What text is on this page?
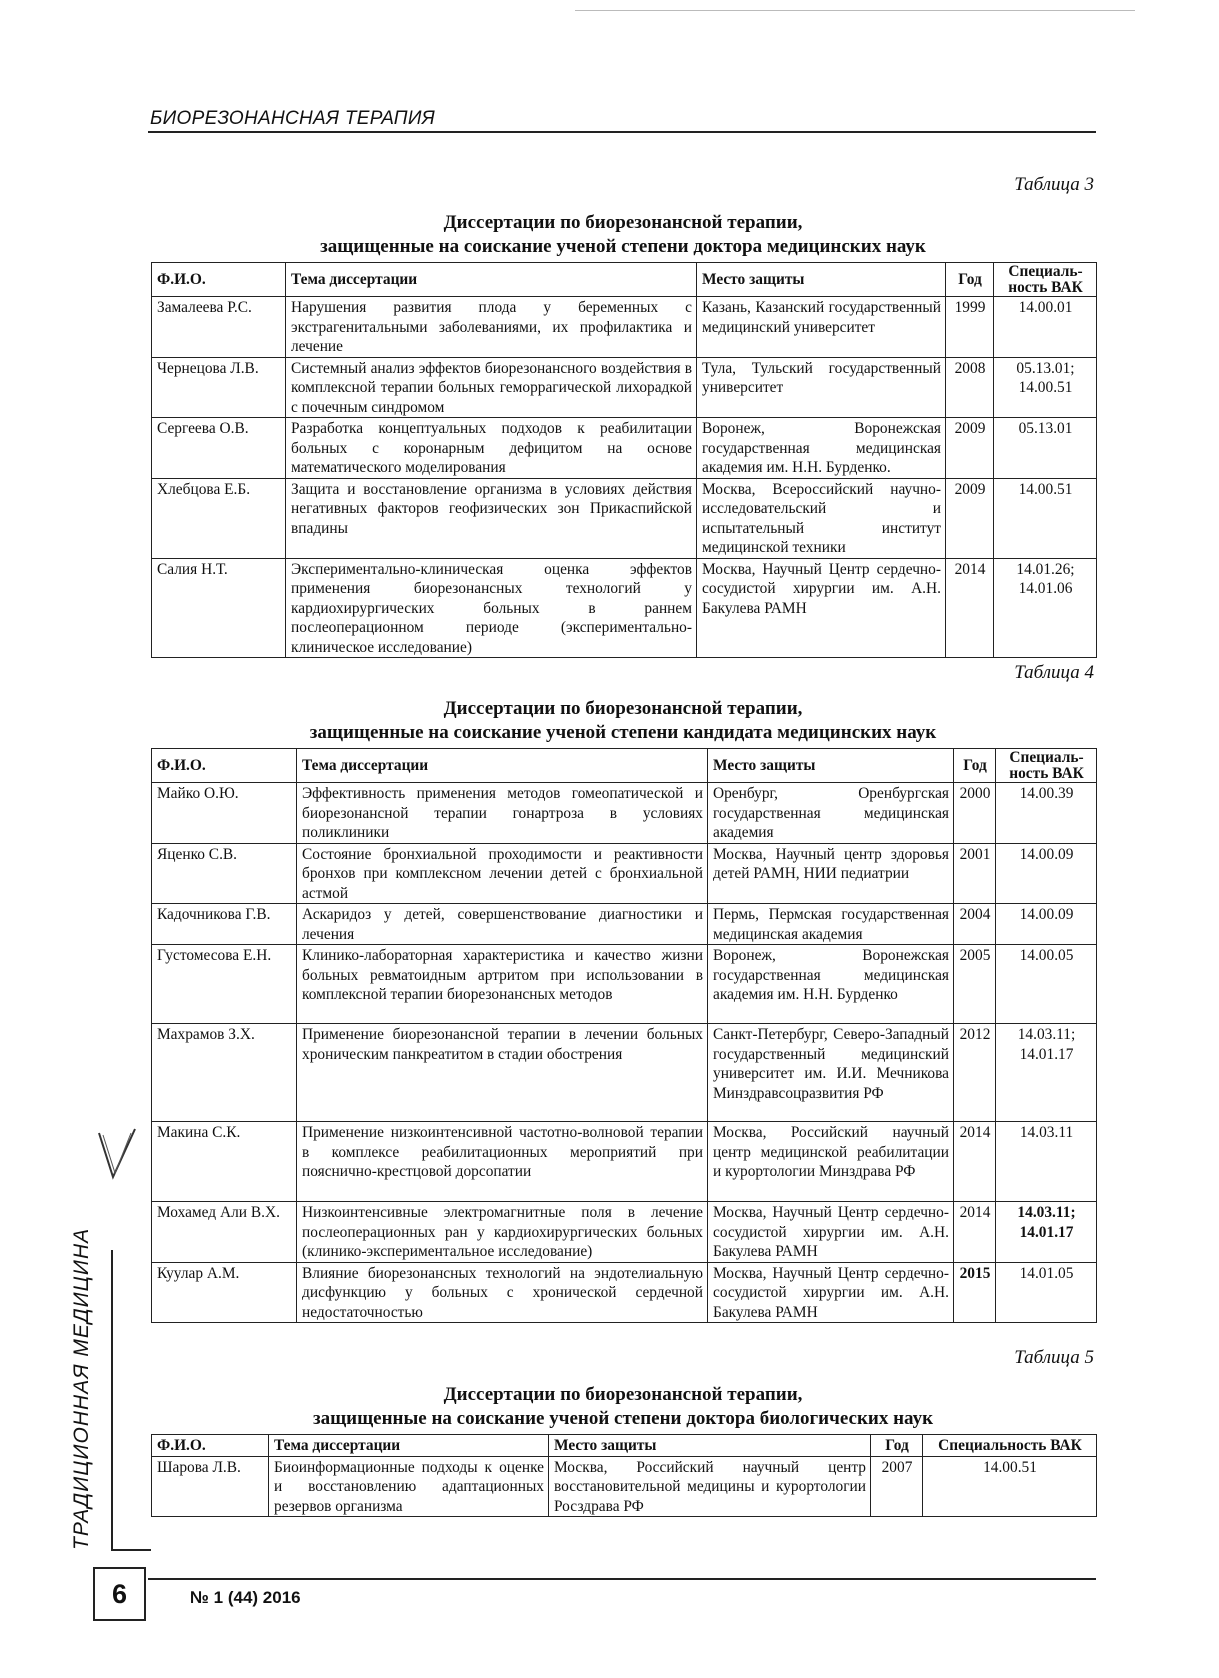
БИОРЕЗОНАНСНАЯ ТЕРАПИЯ
Таблица 3
Диссертации по биорезонансной терапии,
защищенные на соискание ученой степени доктора медицинских наук
Ф.И.О.	Тема диссертации	Место защиты	Год	Специаль-ность ВАК
Замалеева Р.С.	Нарушения развития плода у беременных с экстрагенитальными заболеваниями, их профилактика и лечение	Казань, Казанский государственный медицинский университет	1999	14.00.01
Чернецова Л.В.	Системный анализ эффектов биорезонансного воздействия в комплексной терапии больных геморрагической лихорадкой с почечным синдромом	Тула, Тульский государственный университет	2008	05.13.01; 14.00.51
Сергеева О.В.	Разработка концептуальных подходов к реабилитации больных с коронарным дефицитом на основе математического моделирования	Воронеж, Воронежская государственная медицинская академия им. Н.Н. Бурденко.	2009	05.13.01
Хлебцова Е.Б.	Защита и восстановление организма в условиях действия негативных факторов геофизических зон Прикаспийской впадины	Москва, Всероссийский научно-исследовательский и испытательный институт медицинской техники	2009	14.00.51
Салия Н.Т.	Экспериментально-клиническая оценка эффектов применения биорезонансных технологий у кардиохирургических больных в раннем послеоперационном периоде (экспериментально-клиническое исследование)	Москва, Научный Центр сердечно-сосудистой хирургии им. А.Н. Бакулева РАМН	2014	14.01.26; 14.01.06
Таблица 4
Диссертации по биорезонансной терапии,
защищенные на соискание ученой степени кандидата медицинских наук
Ф.И.О.	Тема диссертации	Место защиты	Год	Специаль-ность ВАК
Майко О.Ю.	Эффективность применения методов гомеопатической и биорезонансной терапии гонартроза в условиях поликлиники	Оренбург, Оренбургская государственная медицинская академия	2000	14.00.39
Яценко С.В.	Состояние бронхиальной проходимости и реактивности бронхов при комплексном лечении детей с бронхиальной астмой	Москва, Научный центр здоровья детей РАМН, НИИ педиатрии	2001	14.00.09
Кадочникова Г.В.	Аскаридоз у детей, совершенствование диагностики и лечения	Пермь, Пермская государственная медицинская академия	2004	14.00.09
Густомесова Е.Н.	Клинико-лабораторная характеристика и качество жизни больных ревматоидным артритом при использовании в комплексной терапии биорезонансных методов	Воронеж, Воронежская государственная медицинская академия им. Н.Н. Бурденко	2005	14.00.05
Махрамов З.Х.	Применение биорезонансной терапии в лечении больных хроническим панкреатитом в стадии обострения	Санкт-Петербург, Северо-Западный государственный медицинский университет им. И.И. Мечникова Минздравсоцразвития РФ	2012	14.03.11; 14.01.17
Макина С.К.	Применение низкоинтенсивной частотно-волновой терапии в комплексе реабилитационных мероприятий при пояснично-крестцовой дорсопатии	Москва, Российский научный центр медицинской реабилитации и курортологии Минздрава РФ	2014	14.03.11
Мохамед Али В.Х.	Низкоинтенсивные электромагнитные поля в лечение послеоперационных ран у кардиохирургических больных (клинико-экспериментальное исследование)	Москва, Научный Центр сердечно-сосудистой хирургии им. А.Н. Бакулева РАМН	2014	14.03.11; 14.01.17
Куулар А.М.	Влияние биорезонансных технологий на эндотелиальную дисфункцию у больных с хронической сердечной недостаточностью	Москва, Научный Центр сердечно-сосудистой хирургии им. А.Н. Бакулева РАМН	2015	14.01.05
Таблица 5
Диссертации по биорезонансной терапии,
защищенные на соискание ученой степени доктора биологических наук
Ф.И.О.	Тема диссертации	Место защиты	Год	Специальность ВАК
Шарова Л.В.	Биоинформационные подходы к оценке и восстановлению адаптационных резервов организма	Москва, Российский научный центр восстановительной медицины и курортологии Росздрава РФ	2007	14.00.51
ТРАДИЦИОННАЯ МЕДИЦИНА
6	№ 1 (44) 2016
